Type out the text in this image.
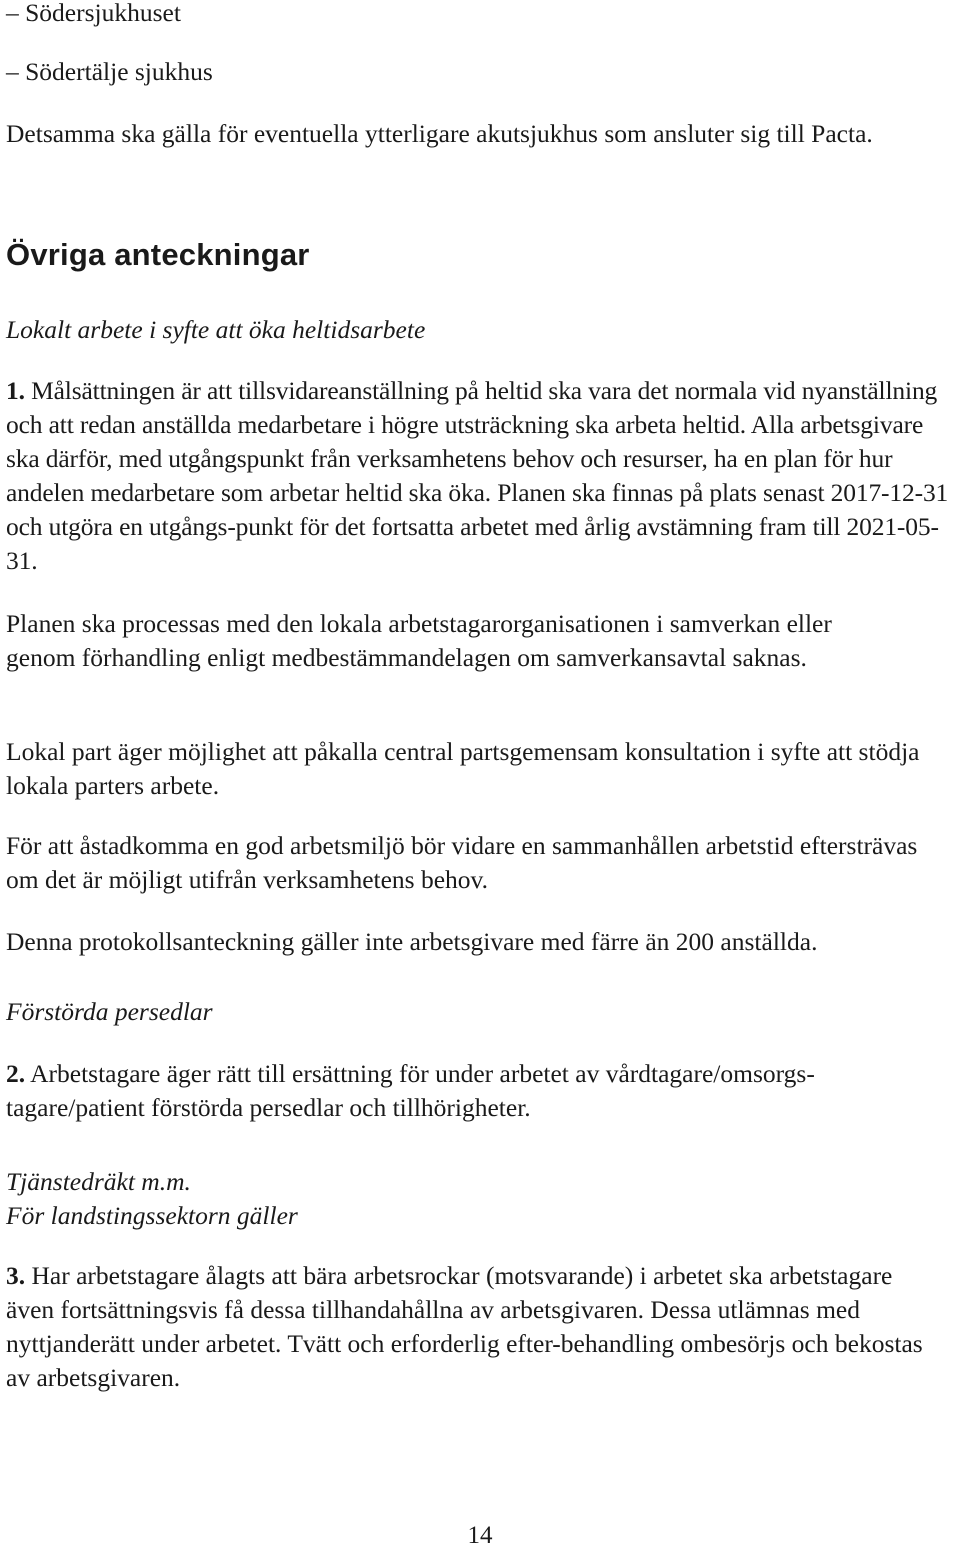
– Södersjukhuset

– Södertälje sjukhus

Detsamma ska gälla för eventuella ytterligare akutsjukhus som ansluter sig till Pacta.

Övriga anteckningar

Lokalt arbete i syfte att öka heltidsarbete

1. Målsättningen är att tillsvidareanställning på heltid ska vara det normala vid nyanställning och att redan anställda medarbetare i högre utsträckning ska arbeta heltid. Alla arbetsgivare ska därför, med utgångspunkt från verksamhetens behov och resurser, ha en plan för hur andelen medarbetare som arbetar heltid ska öka. Planen ska finnas på plats senast 2017-12-31 och utgöra en utgångs-punkt för det fortsatta arbetet med årlig avstämning fram till 2021-05-31.

Planen ska processas med den lokala arbetstagarorganisationen i samverkan eller genom förhandling enligt medbestämmandelagen om samverkansavtal saknas.

Lokal part äger möjlighet att påkalla central partsgemensam konsultation i syfte att stödja lokala parters arbete.

För att åstadkomma en god arbetsmiljö bör vidare en sammanhållen arbetstid eftersträvas om det är möjligt utifrån verksamhetens behov.

Denna protokollsanteckning gäller inte arbetsgivare med färre än 200 anställda.

Förstörda persedlar

2. Arbetstagare äger rätt till ersättning för under arbetet av vårdtagare/omsorgs-tagare/patient förstörda persedlar och tillhörigheter.

Tjänstedräkt m.m.

För landstingssektorn gäller

3. Har arbetstagare ålagts att bära arbetsrockar (motsvarande) i arbetet ska arbetstagare även fortsättningsvis få dessa tillhandahållna av arbetsgivaren. Dessa utlämnas med nyttjanderätt under arbetet. Tvätt och erforderlig efter-behandling ombesörjs och bekostas av arbetsgivaren.

14
